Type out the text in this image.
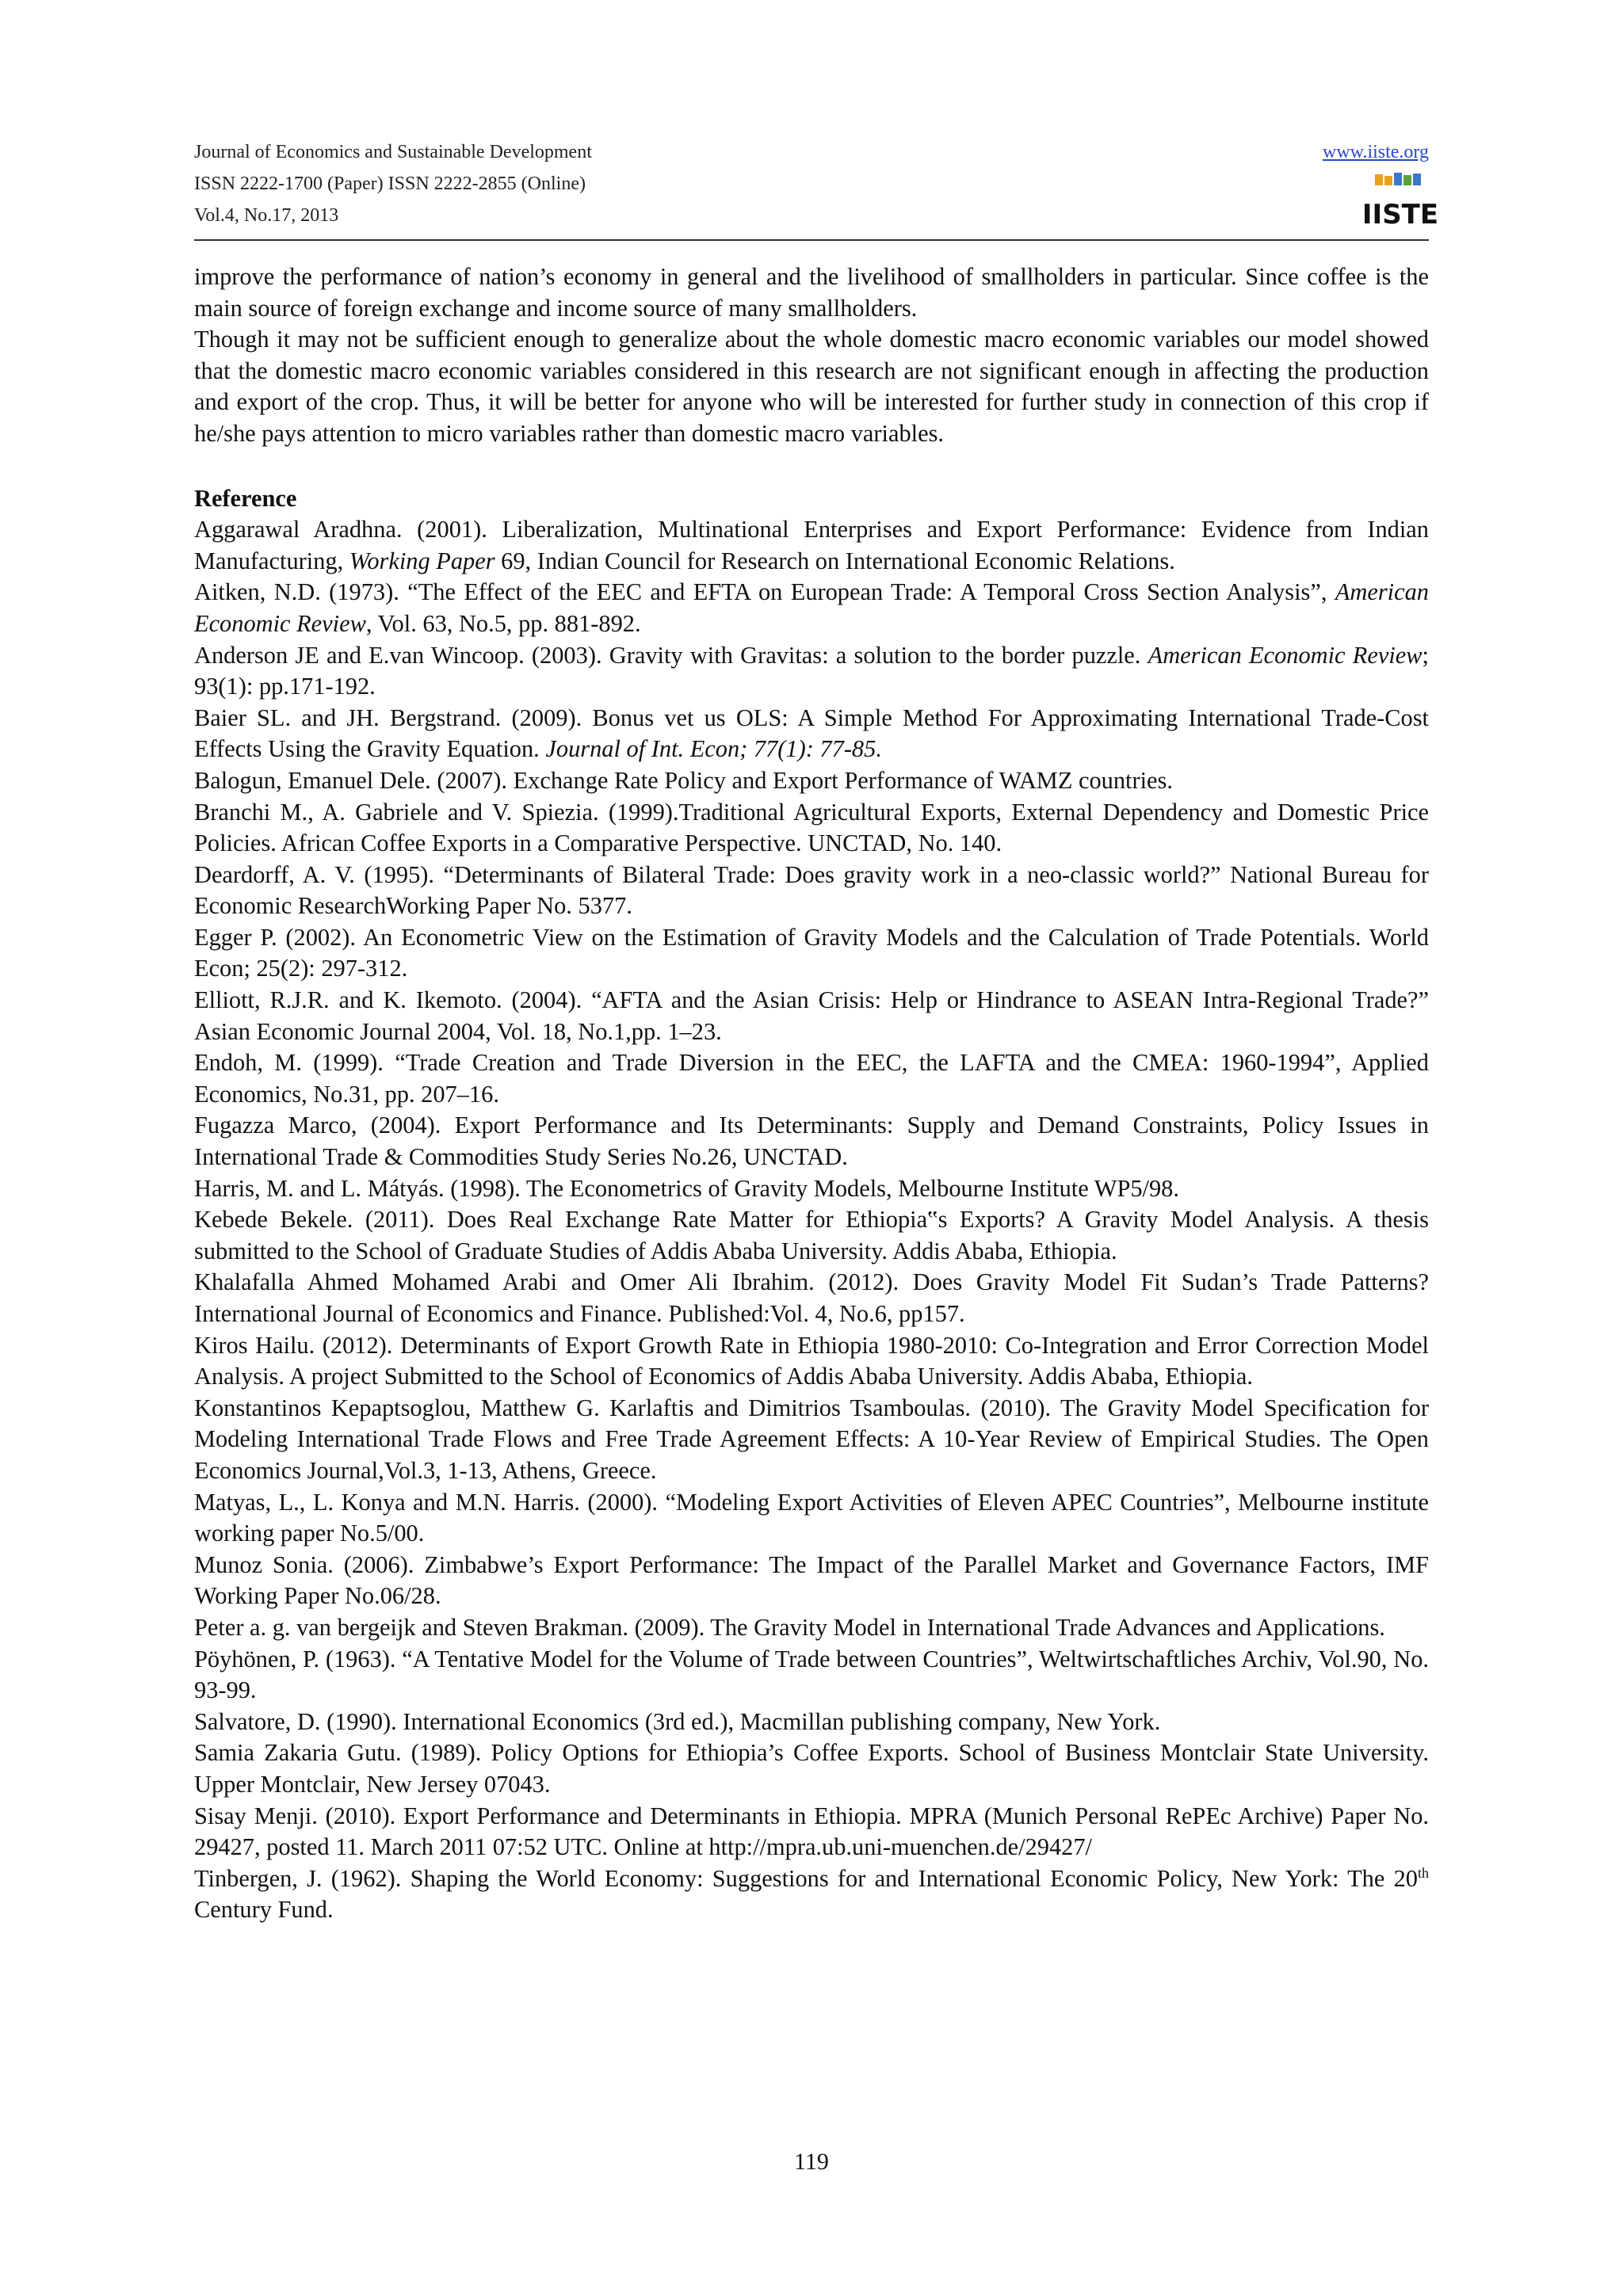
Journal of Economics and Sustainable Development
ISSN 2222-1700 (Paper) ISSN 2222-2855 (Online)
Vol.4, No.17, 2013
www.iiste.org
IISTE

improve the performance of nation’s economy in general and the livelihood of smallholders in particular. Since coffee is the main source of foreign exchange and income source of many smallholders.

Though it may not be sufficient enough to generalize about the whole domestic macro economic variables our model showed that the domestic macro economic variables considered in this research are not significant enough in affecting the production and export of the crop. Thus, it will be better for anyone who will be interested for further study in connection of this crop if he/she pays attention to micro variables rather than domestic macro variables.

Reference

Aggarawal Aradhna. (2001). Liberalization, Multinational Enterprises and Export Performance: Evidence from Indian Manufacturing, Working Paper 69, Indian Council for Research on International Economic Relations.

Aitken, N.D. (1973). “The Effect of the EEC and EFTA on European Trade: A Temporal Cross Section Analysis”, American Economic Review, Vol. 63, No.5, pp. 881-892.

Anderson JE and E.van Wincoop. (2003). Gravity with Gravitas: a solution to the border puzzle. American Economic Review; 93(1): pp.171-192.

Baier SL. and JH. Bergstrand. (2009). Bonus vet us OLS: A Simple Method For Approximating International Trade-Cost Effects Using the Gravity Equation. Journal of Int. Econ; 77(1): 77-85.

Balogun, Emanuel Dele. (2007). Exchange Rate Policy and Export Performance of WAMZ countries.

Branchi M., A. Gabriele and V. Spiezia. (1999).Traditional Agricultural Exports, External Dependency and Domestic Price Policies. African Coffee Exports in a Comparative Perspective. UNCTAD, No. 140.

Deardorff, A. V. (1995). “Determinants of Bilateral Trade: Does gravity work in a neo-classic world?” National Bureau for Economic ResearchWorking Paper No. 5377.

Egger P. (2002). An Econometric View on the Estimation of Gravity Models and the Calculation of Trade Potentials. World Econ; 25(2): 297-312.

Elliott, R.J.R. and K. Ikemoto. (2004). “AFTA and the Asian Crisis: Help or Hindrance to ASEAN Intra-Regional Trade?” Asian Economic Journal 2004, Vol. 18, No.1,pp. 1–23.

Endoh, M. (1999). “Trade Creation and Trade Diversion in the EEC, the LAFTA and the CMEA: 1960-1994”, Applied Economics, No.31, pp. 207–16.

Fugazza Marco, (2004). Export Performance and Its Determinants: Supply and Demand Constraints, Policy Issues in International Trade & Commodities Study Series No.26, UNCTAD.

Harris, M. and L. Mátyás. (1998). The Econometrics of Gravity Models, Melbourne Institute WP5/98.

Kebede Bekele. (2011). Does Real Exchange Rate Matter for Ethiopia‟s Exports? A Gravity Model Analysis. A thesis submitted to the School of Graduate Studies of Addis Ababa University. Addis Ababa, Ethiopia.

Khalafalla Ahmed Mohamed Arabi and Omer Ali Ibrahim. (2012). Does Gravity Model Fit Sudan’s Trade Patterns? International Journal of Economics and Finance. Published:Vol. 4, No.6, pp157.

Kiros Hailu. (2012). Determinants of Export Growth Rate in Ethiopia 1980-2010: Co-Integration and Error Correction Model Analysis. A project Submitted to the School of Economics of Addis Ababa University. Addis Ababa, Ethiopia.

Konstantinos Kepaptsoglou, Matthew G. Karlaftis and Dimitrios Tsamboulas. (2010). The Gravity Model Specification for Modeling International Trade Flows and Free Trade Agreement Effects: A 10-Year Review of Empirical Studies. The Open Economics Journal,Vol.3, 1-13, Athens, Greece.

Matyas, L., L. Konya and M.N. Harris. (2000). “Modeling Export Activities of Eleven APEC Countries”, Melbourne institute working paper No.5/00.

Munoz Sonia. (2006). Zimbabwe’s Export Performance: The Impact of the Parallel Market and Governance Factors, IMF Working Paper No.06/28.

Peter a. g. van bergeijk and Steven Brakman. (2009). The Gravity Model in International Trade Advances and Applications.

Pöyhönen, P. (1963). “A Tentative Model for the Volume of Trade between Countries”, Weltwirtschaftliches Archiv, Vol.90, No. 93-99.

Salvatore, D. (1990). International Economics (3rd ed.), Macmillan publishing company, New York.

Samia Zakaria Gutu. (1989). Policy Options for Ethiopia’s Coffee Exports. School of Business Montclair State University. Upper Montclair, New Jersey 07043.

Sisay Menji. (2010). Export Performance and Determinants in Ethiopia. MPRA (Munich Personal RePEc Archive) Paper No. 29427, posted 11. March 2011 07:52 UTC. Online at http://mpra.ub.uni-muenchen.de/29427/

Tinbergen, J. (1962). Shaping the World Economy: Suggestions for and International Economic Policy, New York: The 20th Century Fund.

119
